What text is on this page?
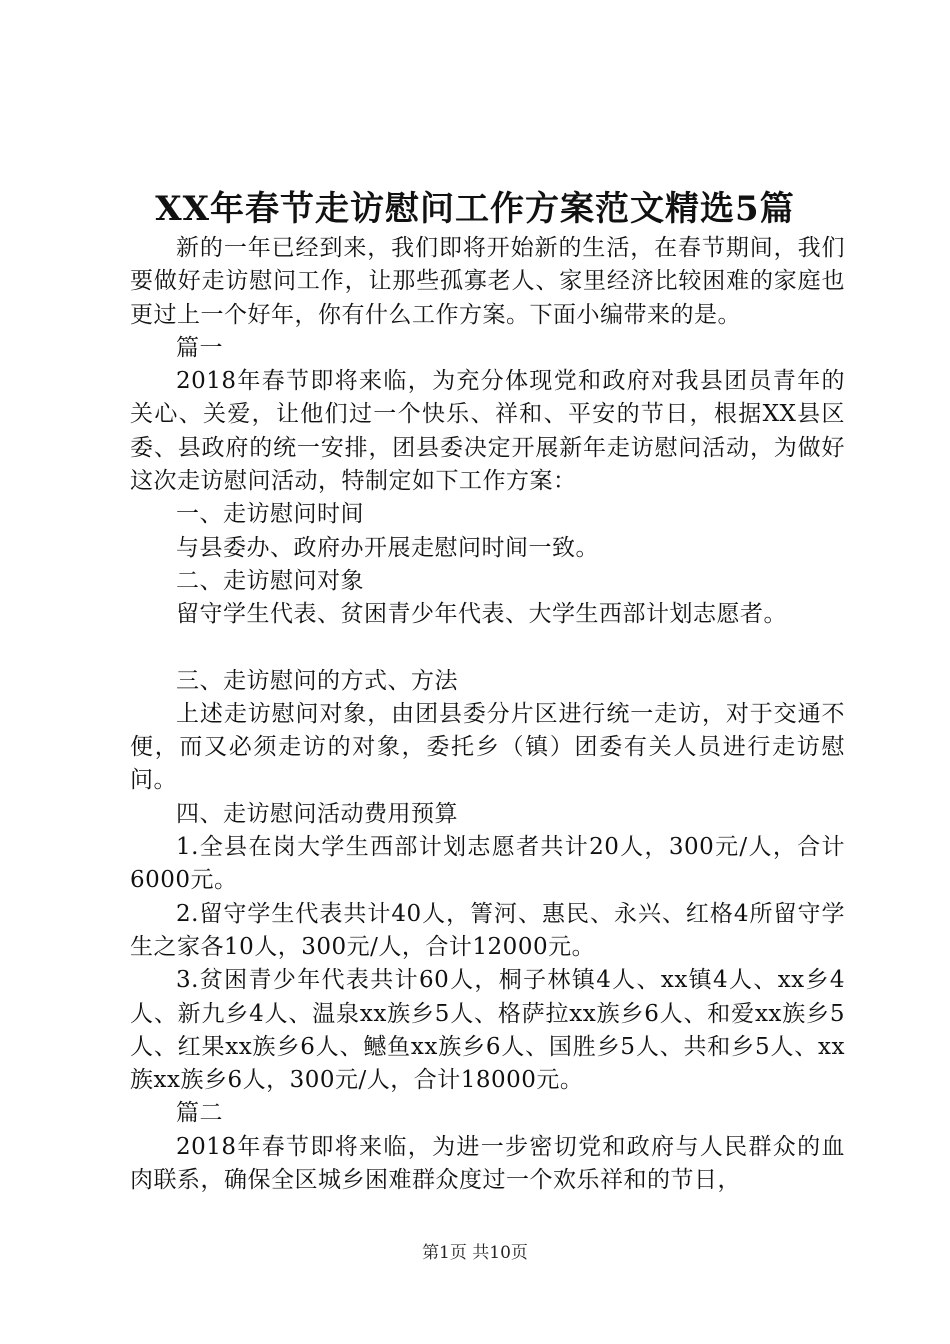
XX年春节走访慰问工作方案范文精选5篇

新的一年已经到来，我们即将开始新的生活，在春节期间，我们要做好走访慰问工作，让那些孤寡老人、家里经济比较困难的家庭也更过上一个好年，你有什么工作方案。下面小编带来的是。

篇一

2018年春节即将来临，为充分体现党和政府对我县团员青年的关心、关爱，让他们过一个快乐、祥和、平安的节日，根据XX县区委、县政府的统一安排，团县委决定开展新年走访慰问活动，为做好这次走访慰问活动，特制定如下工作方案：

一、走访慰问时间

与县委办、政府办开展走慰问时间一致。

二、走访慰问对象

留守学生代表、贫困青少年代表、大学生西部计划志愿者。

三、走访慰问的方式、方法

上述走访慰问对象，由团县委分片区进行统一走访，对于交通不便，而又必须走访的对象，委托乡（镇）团委有关人员进行走访慰问。

四、走访慰问活动费用预算

1.全县在岗大学生西部计划志愿者共计20人，300元/人，合计6000元。

2.留守学生代表共计40人，箐河、惠民、永兴、红格4所留守学生之家各10人，300元/人，合计12000元。

3.贫困青少年代表共计60人，桐子林镇4人、xx镇4人、xx乡4人、新九乡4人、温泉xx族乡5人、格萨拉xx族乡6人、和爱xx族乡5人、红果xx族乡6人、鳡鱼xx族乡6人、国胜乡5人、共和乡5人、xx族xx族乡6人，300元/人，合计18000元。

篇二

2018年春节即将来临，为进一步密切党和政府与人民群众的血肉联系，确保全区城乡困难群众度过一个欢乐祥和的节日，

第1页 共10页
